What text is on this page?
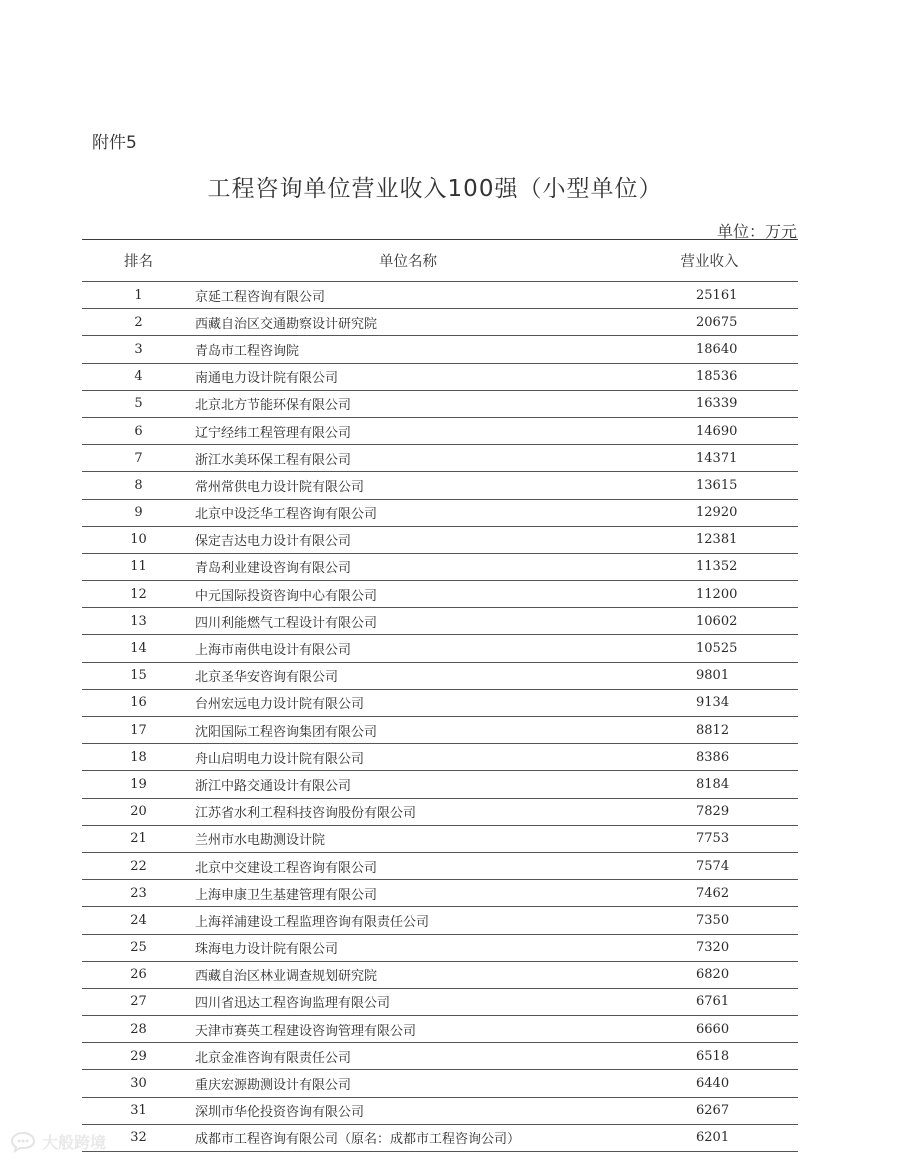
附件5
工程咨询单位营业收入100强（小型单位）
单位：万元
排名	单位名称	营业收入
1	京延工程咨询有限公司	25161
2	西藏自治区交通勘察设计研究院	20675
3	青岛市工程咨询院	18640
4	南通电力设计院有限公司	18536
5	北京北方节能环保有限公司	16339
6	辽宁经纬工程管理有限公司	14690
7	浙江水美环保工程有限公司	14371
8	常州常供电力设计院有限公司	13615
9	北京中设泛华工程咨询有限公司	12920
10	保定吉达电力设计有限公司	12381
11	青岛利业建设咨询有限公司	11352
12	中元国际投资咨询中心有限公司	11200
13	四川利能燃气工程设计有限公司	10602
14	上海市南供电设计有限公司	10525
15	北京圣华安咨询有限公司	9801
16	台州宏远电力设计院有限公司	9134
17	沈阳国际工程咨询集团有限公司	8812
18	舟山启明电力设计院有限公司	8386
19	浙江中路交通设计有限公司	8184
20	江苏省水利工程科技咨询股份有限公司	7829
21	兰州市水电勘测设计院	7753
22	北京中交建设工程咨询有限公司	7574
23	上海申康卫生基建管理有限公司	7462
24	上海祥浦建设工程监理咨询有限责任公司	7350
25	珠海电力设计院有限公司	7320
26	西藏自治区林业调查规划研究院	6820
27	四川省迅达工程咨询监理有限公司	6761
28	天津市赛英工程建设咨询管理有限公司	6660
29	北京金准咨询有限责任公司	6518
30	重庆宏源勘测设计有限公司	6440
31	深圳市华伦投资咨询有限公司	6267
32	成都市工程咨询有限公司（原名：成都市工程咨询公司）	6201
大般跨境
